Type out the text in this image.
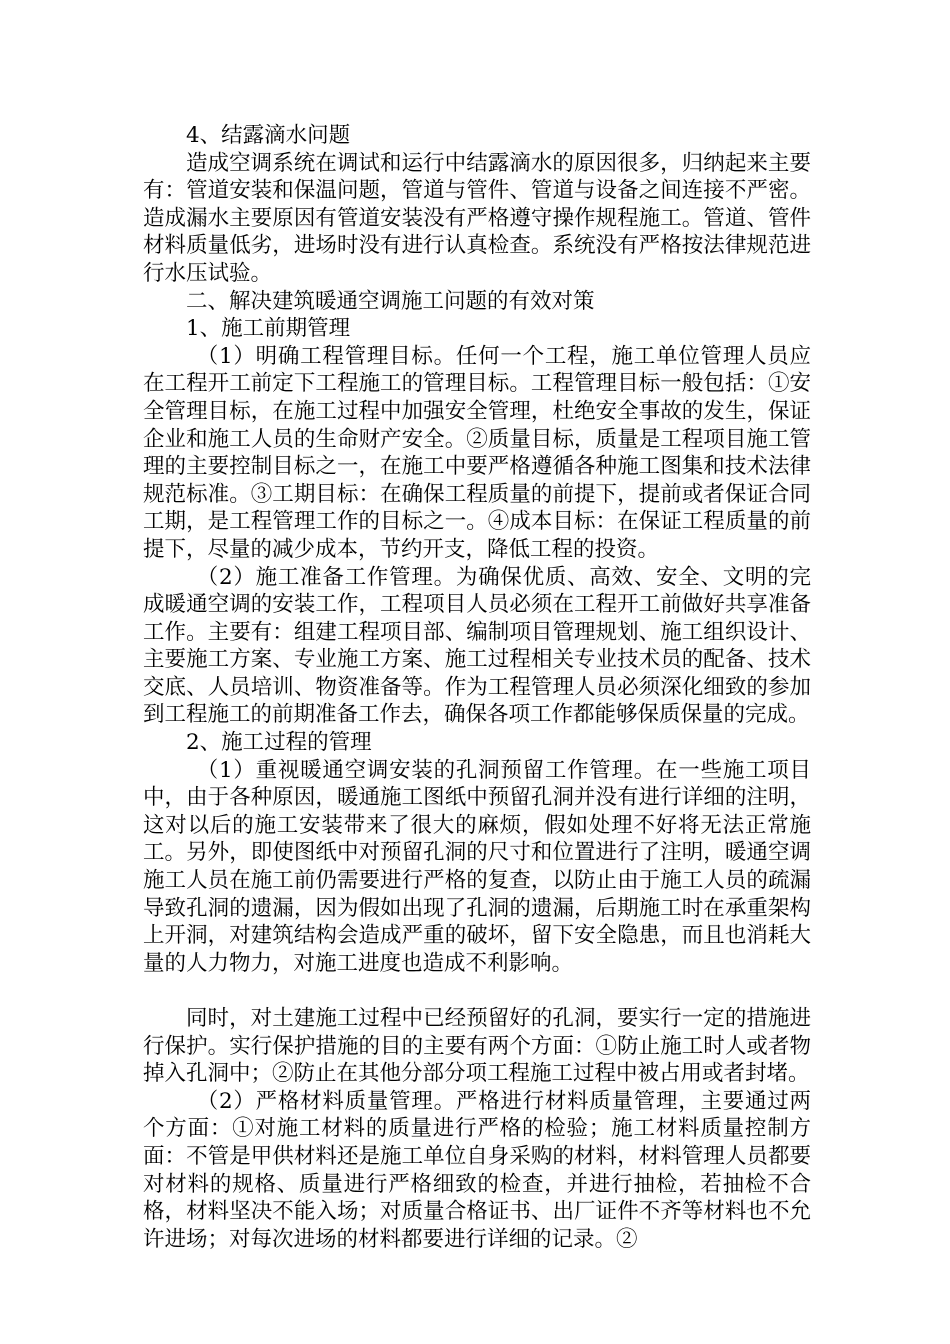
4、结露滴水问题

造成空调系统在调试和运行中结露滴水的原因很多，归纳起来主要有：管道安装和保温问题，管道与管件、管道与设备之间连接不严密。造成漏水主要原因有管道安装没有严格遵守操作规程施工。管道、管件材料质量低劣，进场时没有进行认真检查。系统没有严格按法律规范进行水压试验。

二、解决建筑暖通空调施工问题的有效对策

1、施工前期管理

（1）明确工程管理目标。任何一个工程，施工单位管理人员应在工程开工前定下工程施工的管理目标。工程管理目标一般包括：①安全管理目标，在施工过程中加强安全管理，杜绝安全事故的发生，保证企业和施工人员的生命财产安全。②质量目标，质量是工程项目施工管理的主要控制目标之一，在施工中要严格遵循各种施工图集和技术法律规范标准。③工期目标：在确保工程质量的前提下，提前或者保证合同工期，是工程管理工作的目标之一。④成本目标：在保证工程质量的前提下，尽量的减少成本，节约开支，降低工程的投资。

（2）施工准备工作管理。为确保优质、高效、安全、文明的完成暖通空调的安装工作，工程项目人员必须在工程开工前做好共享准备工作。主要有：组建工程项目部、编制项目管理规划、施工组织设计、主要施工方案、专业施工方案、施工过程相关专业技术员的配备、技术交底、人员培训、物资准备等。作为工程管理人员必须深化细致的参加到工程施工的前期准备工作去，确保各项工作都能够保质保量的完成。

2、施工过程的管理

（1）重视暖通空调安装的孔洞预留工作管理。在一些施工项目中，由于各种原因，暖通施工图纸中预留孔洞并没有进行详细的注明，这对以后的施工安装带来了很大的麻烦，假如处理不好将无法正常施工。另外，即使图纸中对预留孔洞的尺寸和位置进行了注明，暖通空调施工人员在施工前仍需要进行严格的复查，以防止由于施工人员的疏漏导致孔洞的遗漏，因为假如出现了孔洞的遗漏，后期施工时在承重架构上开洞，对建筑结构会造成严重的破坏，留下安全隐患，而且也消耗大量的人力物力，对施工进度也造成不利影响。

同时，对土建施工过程中已经预留好的孔洞，要实行一定的措施进行保护。实行保护措施的目的主要有两个方面：①防止施工时人或者物掉入孔洞中；②防止在其他分部分项工程施工过程中被占用或者封堵。

（2）严格材料质量管理。严格进行材料质量管理，主要通过两个方面：①对施工材料的质量进行严格的检验；施工材料质量控制方面：不管是甲供材料还是施工单位自身采购的材料，材料管理人员都要对材料的规格、质量进行严格细致的检查，并进行抽检，若抽检不合格，材料坚决不能入场；对质量合格证书、出厂证件不齐等材料也不允许进场；对每次进场的材料都要进行详细的记录。②
